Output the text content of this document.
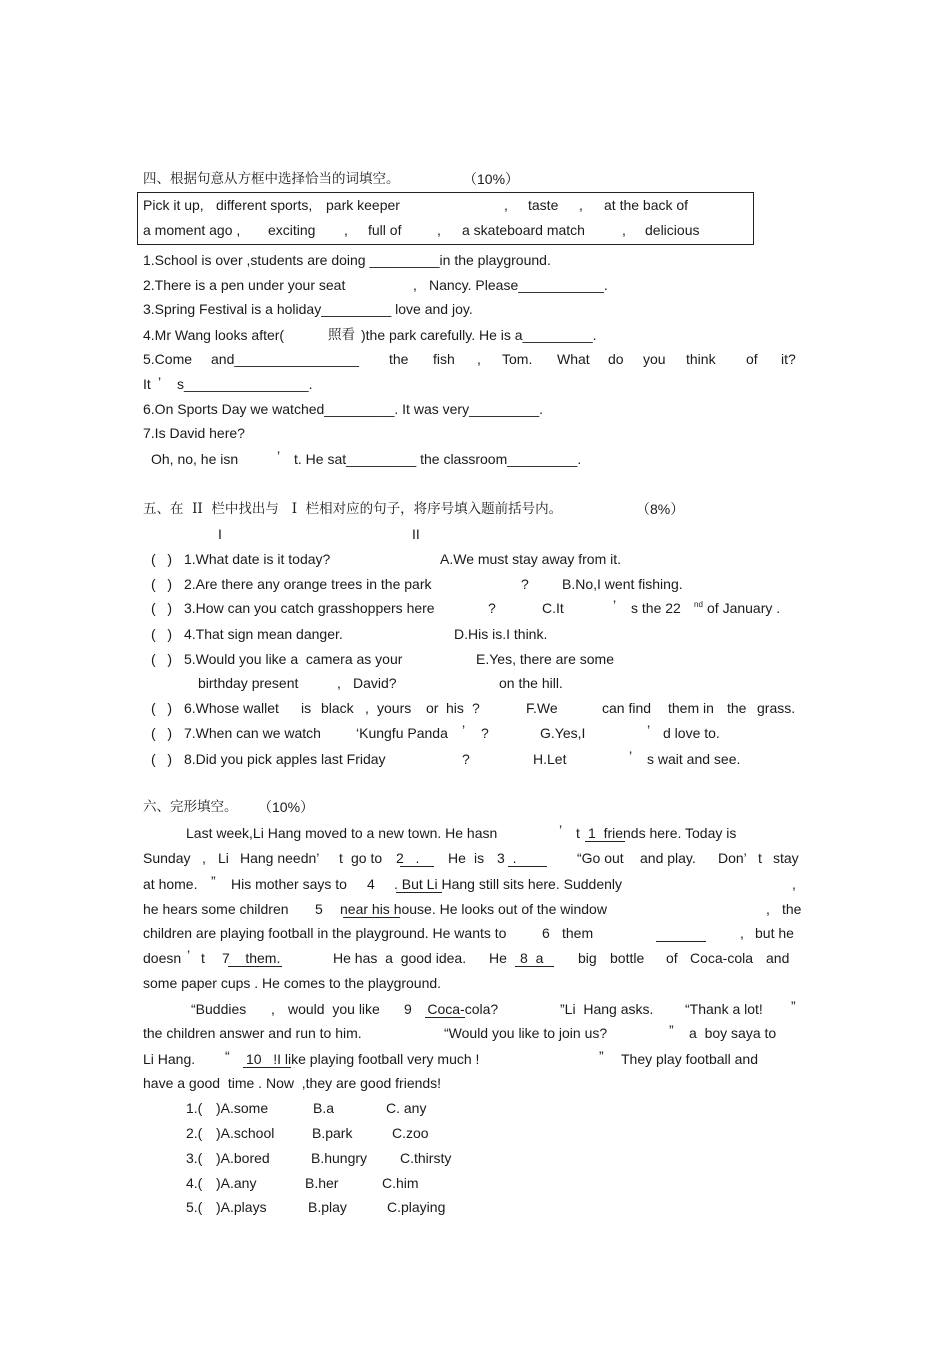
四、根据句意从方框中选择恰当的词填空。	（10%）
Pick it up, different sports, park keeper	, taste , at the back of
a moment ago , exciting , full of	, a skateboard match	, delicious
1.School is over ,students are doing _________in the playground.
2.There is a pen under your seat	, Nancy. Please___________.
3.Spring Festival is a holiday_________ love and joy.
4.Mr Wang looks after(	照看 )the park carefully. He is a_________.
5.Come and________________ the fish , Tom. What do you think of it?
It ’ s________________.
6.On Sports Day we watched_________. It was very_________.
7.Is David here?
Oh, no, he isn	’ t. He sat_________ the classroom_________.
五、在  II  栏中找出与   I  栏相对应的句子，将序号填入题前括号内。	（8%）
I	II
(   ) 1.What date is it today?	A.We must stay away from it.
(   ) 2.Are there any orange trees in the park	? B.No,I went fishing.
(   ) 3.How can you catch grasshoppers here	?	C.It	’ s the 22 $^{nd}$ of January .
(   ) 4.That sign mean danger.	D.His is.I think.
(   ) 5.Would you like a  camera as your	E.Yes, there are some
birthday present	, David?	on the hill.
(   ) 6.Whose wallet is black , yours or his ?	F.We	can find them in the grass.
(   ) 7.When can we watch	‘Kungfu Panda ’ ?	G.Yes,I	’ d love to.
(   ) 8.Did you pick apples last Friday	?	H.Let	’ s wait and see.
六、完形填空。 （10%）
Last week,Li Hang moved to a new town. He hasn	’ t 1  friends here. Today is
Sunday , Li Hang needn’ t go to 2   . He is 3  .	“Go out and play. Don’ t stay
at home. ” His mother says to 4 . But Li Hang still sits here. Suddenly	,
he hears some children 5 near his house. He looks out of the window	, the
children are playing football in the playground. He wants to	6 them	, but he
doesn ’ t 7    them.	He has  a  good idea. He 8  a big bottle of Coca-cola and
some paper cups . He comes to the playground.
“Buddies , would  you like 9    Coca-cola?	”Li  Hang asks. “Thank a lot! ”
the children answer and run to him.	“Would you like to join us?	” a  boy saya to
Li Hang. “ 10   !I like playing football very much !	” They play football and
have a good  time . Now  ,they are good friends!
1.( )A.some	B.a	C. any
2.( )A.school	B.park	C.zoo
3.( )A.bored	B.hungry C.thirsty
4.( )A.any	B.her	C.him
5.( )A.plays	B.play	C.playing
